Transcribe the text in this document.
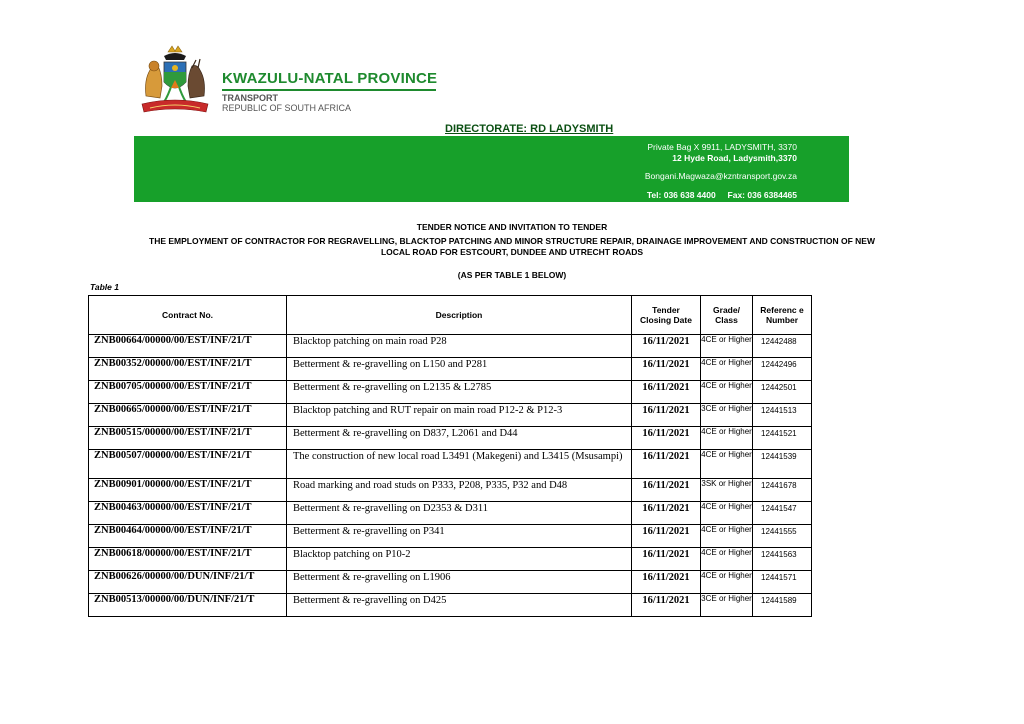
KWAZULU-NATAL PROVINCE
TRANSPORT
REPUBLIC OF SOUTH AFRICA
DIRECTORATE: RD LADYSMITH
Private Bag X 9911, LADYSMITH, 3370
12 Hyde Road, Ladysmith,3370
Bongani.Magwaza@kzntransport.gov.za
Tel: 036 638 4400     Fax: 036 6384465
TENDER NOTICE AND INVITATION TO TENDER
THE EMPLOYMENT OF CONTRACTOR FOR REGRAVELLING, BLACKTOP PATCHING AND MINOR STRUCTURE REPAIR, DRAINAGE IMPROVEMENT AND CONSTRUCTION OF NEW
LOCAL ROAD FOR ESTCOURT, DUNDEE AND UTRECHT ROADS
(AS PER TABLE 1 BELOW)
Table 1
Contract No.	Description	Tender Closing Date	Grade/ Class	Referenc e Number
ZNB00664/00000/00/EST/INF/21/T	Blacktop patching on main road P28	16/11/2021	4CE or Higher	12442488
ZNB00352/00000/00/EST/INF/21/T	Betterment & re-gravelling on L150 and P281	16/11/2021	4CE or Higher	12442496
ZNB00705/00000/00/EST/INF/21/T	Betterment & re-gravelling on L2135 & L2785	16/11/2021	4CE or Higher	12442501
ZNB00665/00000/00/EST/INF/21/T	Blacktop patching and RUT repair on main road P12-2 & P12-3	16/11/2021	3CE or Higher	12441513
ZNB00515/00000/00/EST/INF/21/T	Betterment & re-gravelling on D837, L2061 and D44	16/11/2021	4CE or Higher	12441521
ZNB00507/00000/00/EST/INF/21/T	The construction of new local road L3491 (Makegeni) and L3415 (Msusampi)	16/11/2021	4CE or Higher	12441539
ZNB00901/00000/00/EST/INF/21/T	Road marking and road studs on P333, P208, P335, P32 and D48	16/11/2021	3SK or Higher	12441678
ZNB00463/00000/00/EST/INF/21/T	Betterment & re-gravelling on D2353 & D311	16/11/2021	4CE or Higher	12441547
ZNB00464/00000/00/EST/INF/21/T	Betterment & re-gravelling on P341	16/11/2021	4CE or Higher	12441555
ZNB00618/00000/00/EST/INF/21/T	Blacktop patching on P10-2	16/11/2021	4CE or Higher	12441563
ZNB00626/00000/00/DUN/INF/21/T	Betterment & re-gravelling on L1906	16/11/2021	4CE or Higher	12441571
ZNB00513/00000/00/DUN/INF/21/T	Betterment & re-gravelling on D425	16/11/2021	3CE or Higher	12441589
